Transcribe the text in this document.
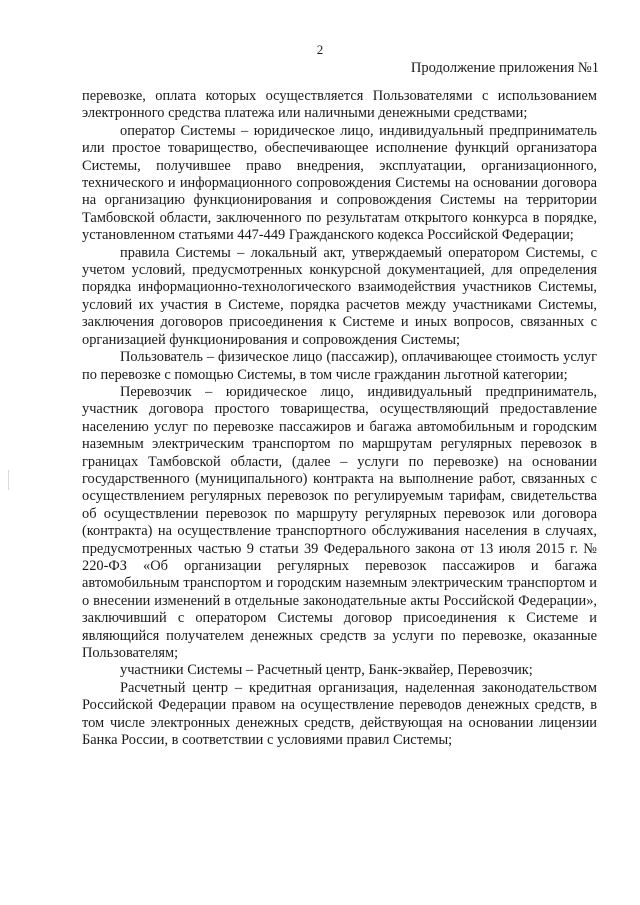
2
Продолжение приложения №1

перевозке, оплата которых осуществляется Пользователями с использованием электронного средства платежа или наличными денежными средствами;

оператор Системы – юридическое лицо, индивидуальный предприниматель или простое товарищество, обеспечивающее исполнение функций организатора Системы, получившее право внедрения, эксплуатации, организационного, технического и информационного сопровождения Системы на основании договора на организацию функционирования и сопровождения Системы на территории Тамбовской области, заключенного по результатам открытого конкурса в порядке, установленном статьями 447-449 Гражданского кодекса Российской Федерации;

правила Системы – локальный акт, утверждаемый оператором Системы, с учетом условий, предусмотренных конкурсной документацией, для определения порядка информационно-технологического взаимодействия участников Системы, условий их участия в Системе, порядка расчетов между участниками Системы, заключения договоров присоединения к Системе и иных вопросов, связанных с организацией функционирования и сопровождения Системы;

Пользователь – физическое лицо (пассажир), оплачивающее стоимость услуг по перевозке с помощью Системы, в том числе гражданин льготной категории;

Перевозчик – юридическое лицо, индивидуальный предприниматель, участник договора простого товарищества, осуществляющий предоставление населению услуг по перевозке пассажиров и багажа автомобильным и городским наземным электрическим транспортом по маршрутам регулярных перевозок в границах Тамбовской области, (далее – услуги по перевозке) на основании государственного (муниципального) контракта на выполнение работ, связанных с осуществлением регулярных перевозок по регулируемым тарифам, свидетельства об осуществлении перевозок по маршруту регулярных перевозок или договора (контракта) на осуществление транспортного обслуживания населения в случаях, предусмотренных частью 9 статьи 39 Федерального закона от 13 июля 2015 г. № 220-ФЗ «Об организации регулярных перевозок пассажиров и багажа автомобильным транспортом и городским наземным электрическим транспортом и о внесении изменений в отдельные законодательные акты Российской Федерации», заключивший с оператором Системы договор присоединения к Системе и являющийся получателем денежных средств за услуги по перевозке, оказанные Пользователям;

участники Системы – Расчетный центр, Банк-эквайер, Перевозчик;

Расчетный центр – кредитная организация, наделенная законодательством Российской Федерации правом на осуществление переводов денежных средств, в том числе электронных денежных средств, действующая на основании лицензии Банка России, в соответствии с условиями правил Системы;
